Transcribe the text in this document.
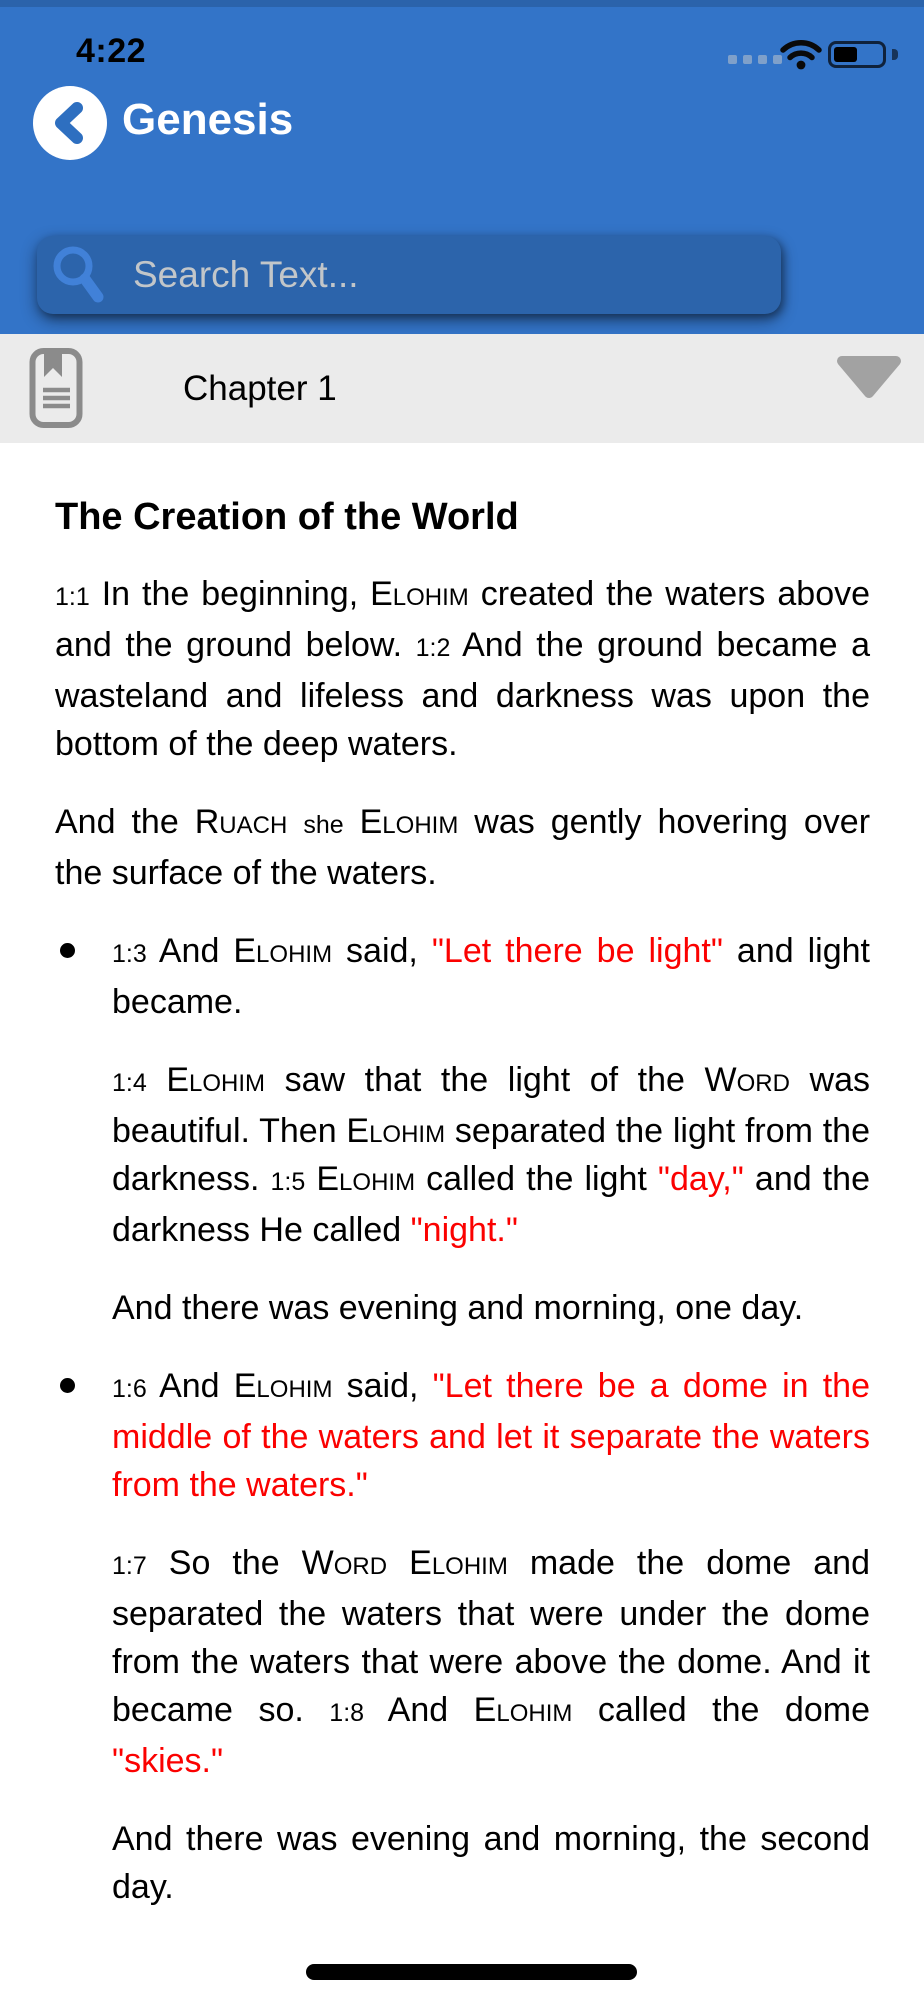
4:22
Genesis
Search Text...
Chapter 1
The Creation of the World
1:1 In the beginning, Elohim created the waters above and the ground below. 1:2 And the ground became a wasteland and lifeless and darkness was upon the bottom of the deep waters.
And the Ruach she Elohim was gently hovering over the surface of the waters.
1:3 And Elohim said, "Let there be light" and light became.
1:4 Elohim saw that the light of the Word was beautiful. Then Elohim separated the light from the darkness. 1:5 Elohim called the light "day," and the darkness He called "night."
And there was evening and morning, one day.
1:6 And Elohim said, "Let there be a dome in the middle of the waters and let it separate the waters from the waters."
1:7 So the Word Elohim made the dome and separated the waters that were under the dome from the waters that were above the dome. And it became so. 1:8 And Elohim called the dome "skies."
And there was evening and morning, the second day.
